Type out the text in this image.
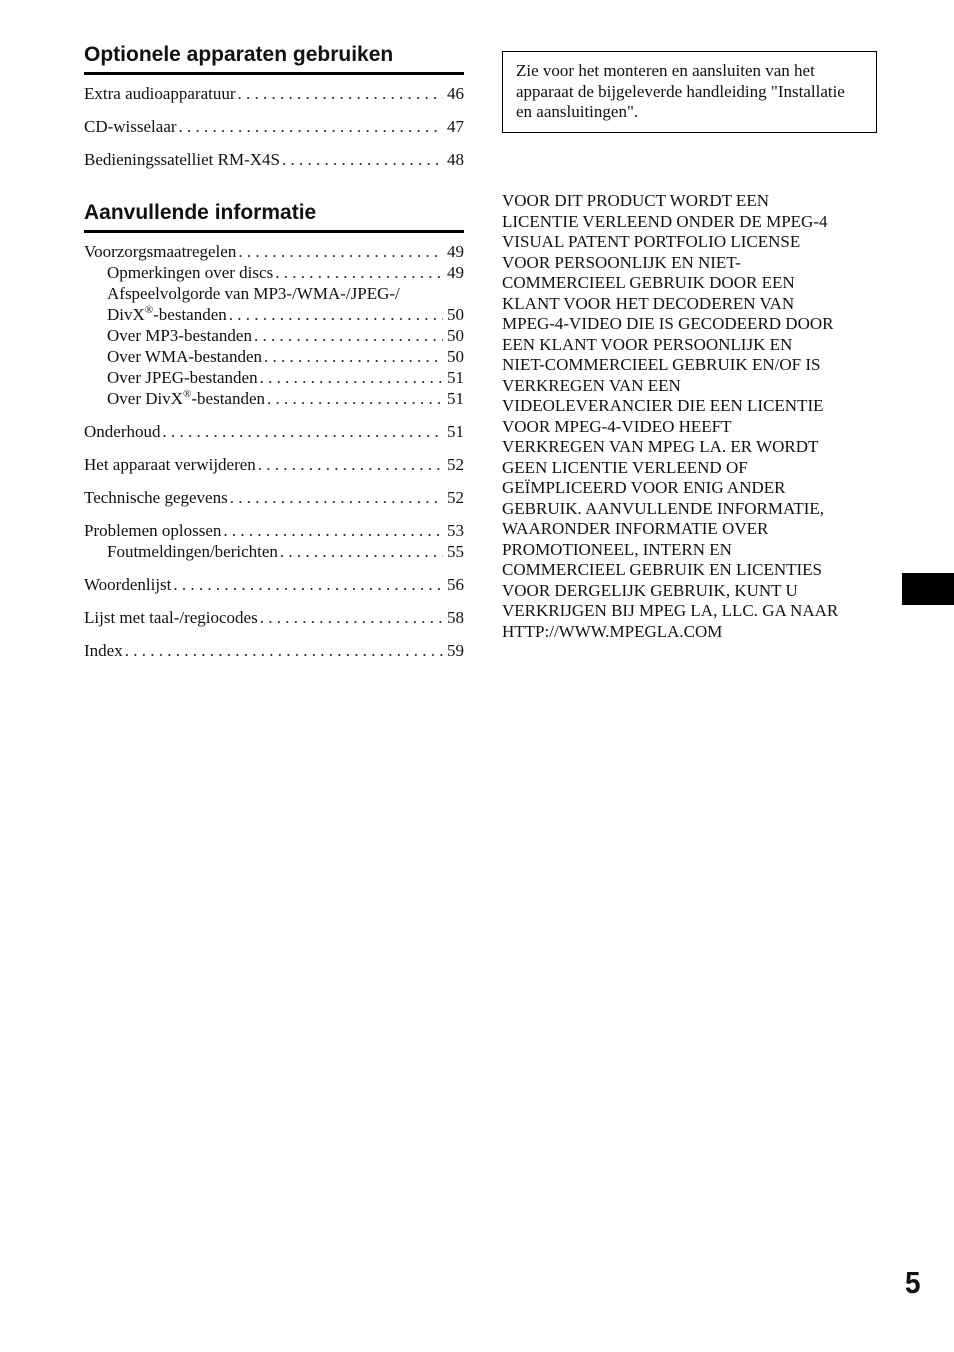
Optionele apparaten gebruiken
Extra audioapparatuur . . .	46
CD-wisselaar . . .	47
Bedieningssatelliet RM-X4S . . .	48
Aanvullende informatie
Voorzorgsmaatregelen . . .	49
Opmerkingen over discs . . .	49
Afspeelvolgorde van MP3-/WMA-/JPEG-/
DivX®-bestanden . . .	50
Over MP3-bestanden . . .	50
Over WMA-bestanden . . .	50
Over JPEG-bestanden . . .	51
Over DivX®-bestanden . . .	51
Onderhoud . . .	51
Het apparaat verwijderen . . .	52
Technische gegevens . . .	52
Problemen oplossen . . .	53
Foutmeldingen/berichten . . .	55
Woordenlijst . . .	56
Lijst met taal-/regiocodes . . .	58
Index . . .	59
Zie voor het monteren en aansluiten van het apparaat de bijgeleverde handleiding "Installatie en aansluitingen".
VOOR DIT PRODUCT WORDT EEN
LICENTIE VERLEEND ONDER DE MPEG-4
VISUAL PATENT PORTFOLIO LICENSE
VOOR PERSOONLIJK EN NIET-
COMMERCIEEL GEBRUIK DOOR EEN
KLANT VOOR HET DECODEREN VAN
MPEG-4-VIDEO DIE IS GECODEERD DOOR
EEN KLANT VOOR PERSOONLIJK EN
NIET-COMMERCIEEL GEBRUIK EN/OF IS
VERKREGEN VAN EEN
VIDEOLEVERANCIER DIE EEN LICENTIE
VOOR MPEG-4-VIDEO HEEFT
VERKREGEN VAN MPEG LA. ER WORDT
GEEN LICENTIE VERLEEND OF
GEÏMPLICEERD VOOR ENIG ANDER
GEBRUIK. AANVULLENDE INFORMATIE,
WAARONDER INFORMATIE OVER
PROMOTIONEEL, INTERN EN
COMMERCIEEL GEBRUIK EN LICENTIES
VOOR DERGELIJK GEBRUIK, KUNT U
VERKRIJGEN BIJ MPEG LA, LLC. GA NAAR
HTTP://WWW.MPEGLA.COM
5
